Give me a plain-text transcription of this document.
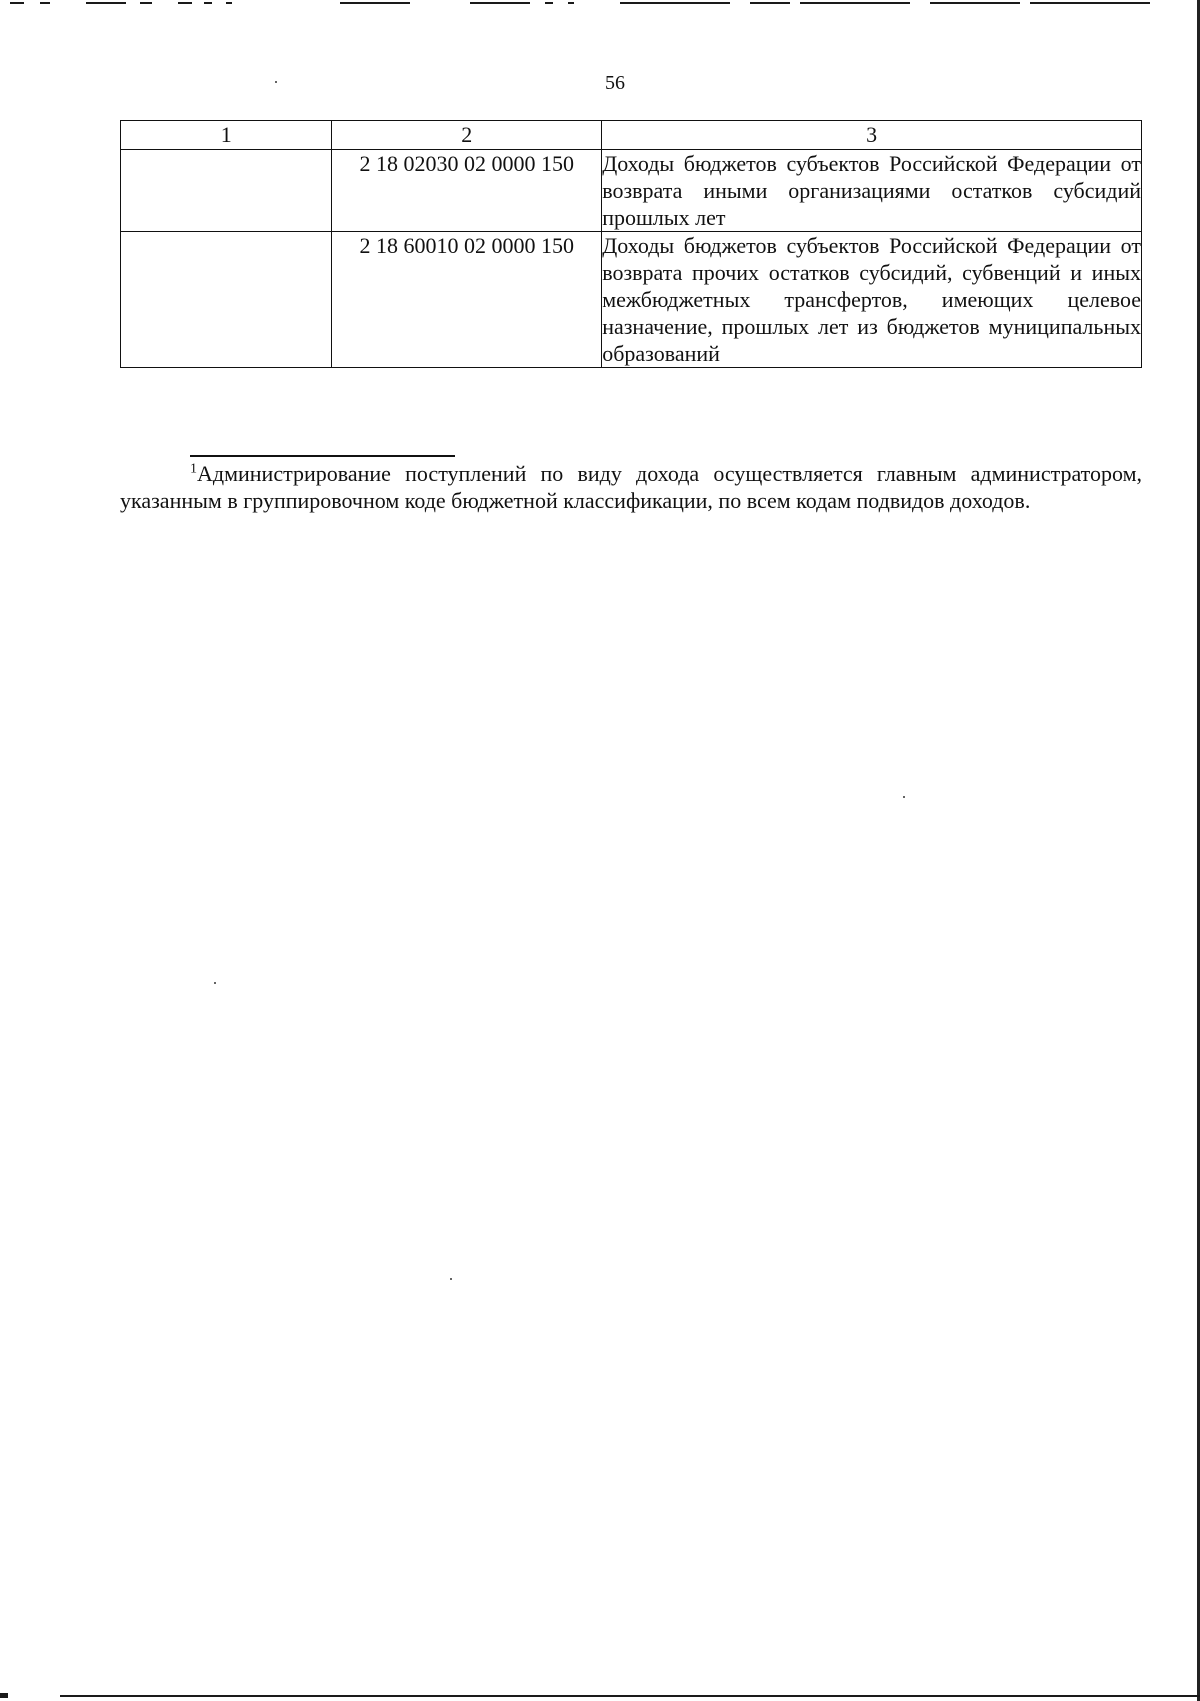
56
1	2	3
	2 18 02030 02 0000 150	Доходы бюджетов субъектов Российской Федерации от возврата иными организациями остатков субсидий прошлых лет
	2 18 60010 02 0000 150	Доходы бюджетов субъектов Российской Федерации от возврата прочих остатков субсидий, субвенций и иных межбюджетных трансфертов, имеющих целевое назначение, прошлых лет из бюджетов муниципальных образований
$^1$Администрирование поступлений по виду дохода осуществляется главным администратором, указанным в группировочном коде бюджетной классификации, по всем кодам подвидов доходов.
